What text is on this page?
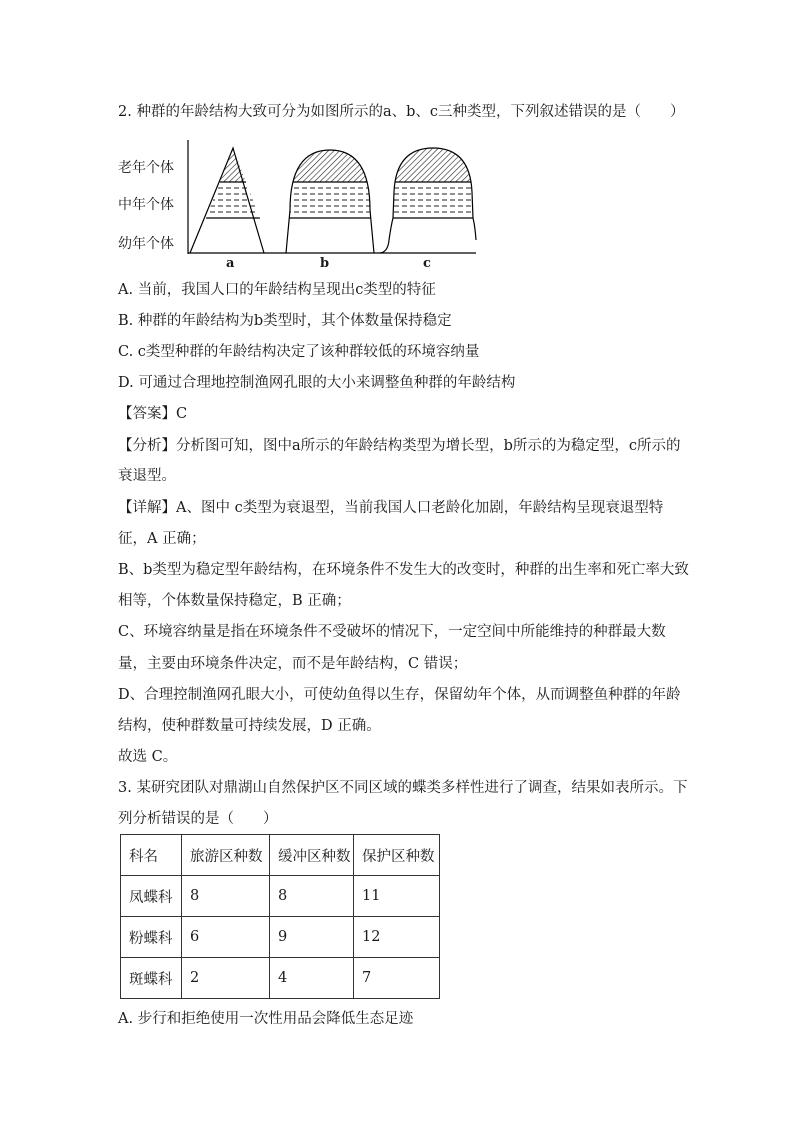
2. 种群的年龄结构大致可分为如图所示的a、b、c三种类型，下列叙述错误的是（　　）
老年个体
中年个体
幼年个体
a	b	c
A. 当前，我国人口的年龄结构呈现出c类型的特征
B. 种群的年龄结构为b类型时，其个体数量保持稳定
C. c类型种群的年龄结构决定了该种群较低的环境容纳量
D. 可通过合理地控制渔网孔眼的大小来调整鱼种群的年龄结构
【答案】C
【分析】分析图可知，图中a所示的年龄结构类型为增长型，b所示的为稳定型，c所示的
衰退型。
【详解】A、图中 c类型为衰退型，当前我国人口老龄化加剧，年龄结构呈现衰退型特
征，A 正确；
B、b类型为稳定型年龄结构，在环境条件不发生大的改变时，种群的出生率和死亡率大致
相等，个体数量保持稳定，B 正确；
C、环境容纳量是指在环境条件不受破坏的情况下，一定空间中所能维持的种群最大数
量，主要由环境条件决定，而不是年龄结构，C 错误；
D、合理控制渔网孔眼大小，可使幼鱼得以生存，保留幼年个体，从而调整鱼种群的年龄
结构，使种群数量可持续发展，D 正确。
故选 C。
3. 某研究团队对鼎湖山自然保护区不同区域的蝶类多样性进行了调查，结果如表所示。下
列分析错误的是（　　）
科名	旅游区种数	缓冲区种数	保护区种数
凤蝶科	8	8	11
粉蝶科	6	9	12
斑蝶科	2	4	7
A. 步行和拒绝使用一次性用品会降低生态足迹
